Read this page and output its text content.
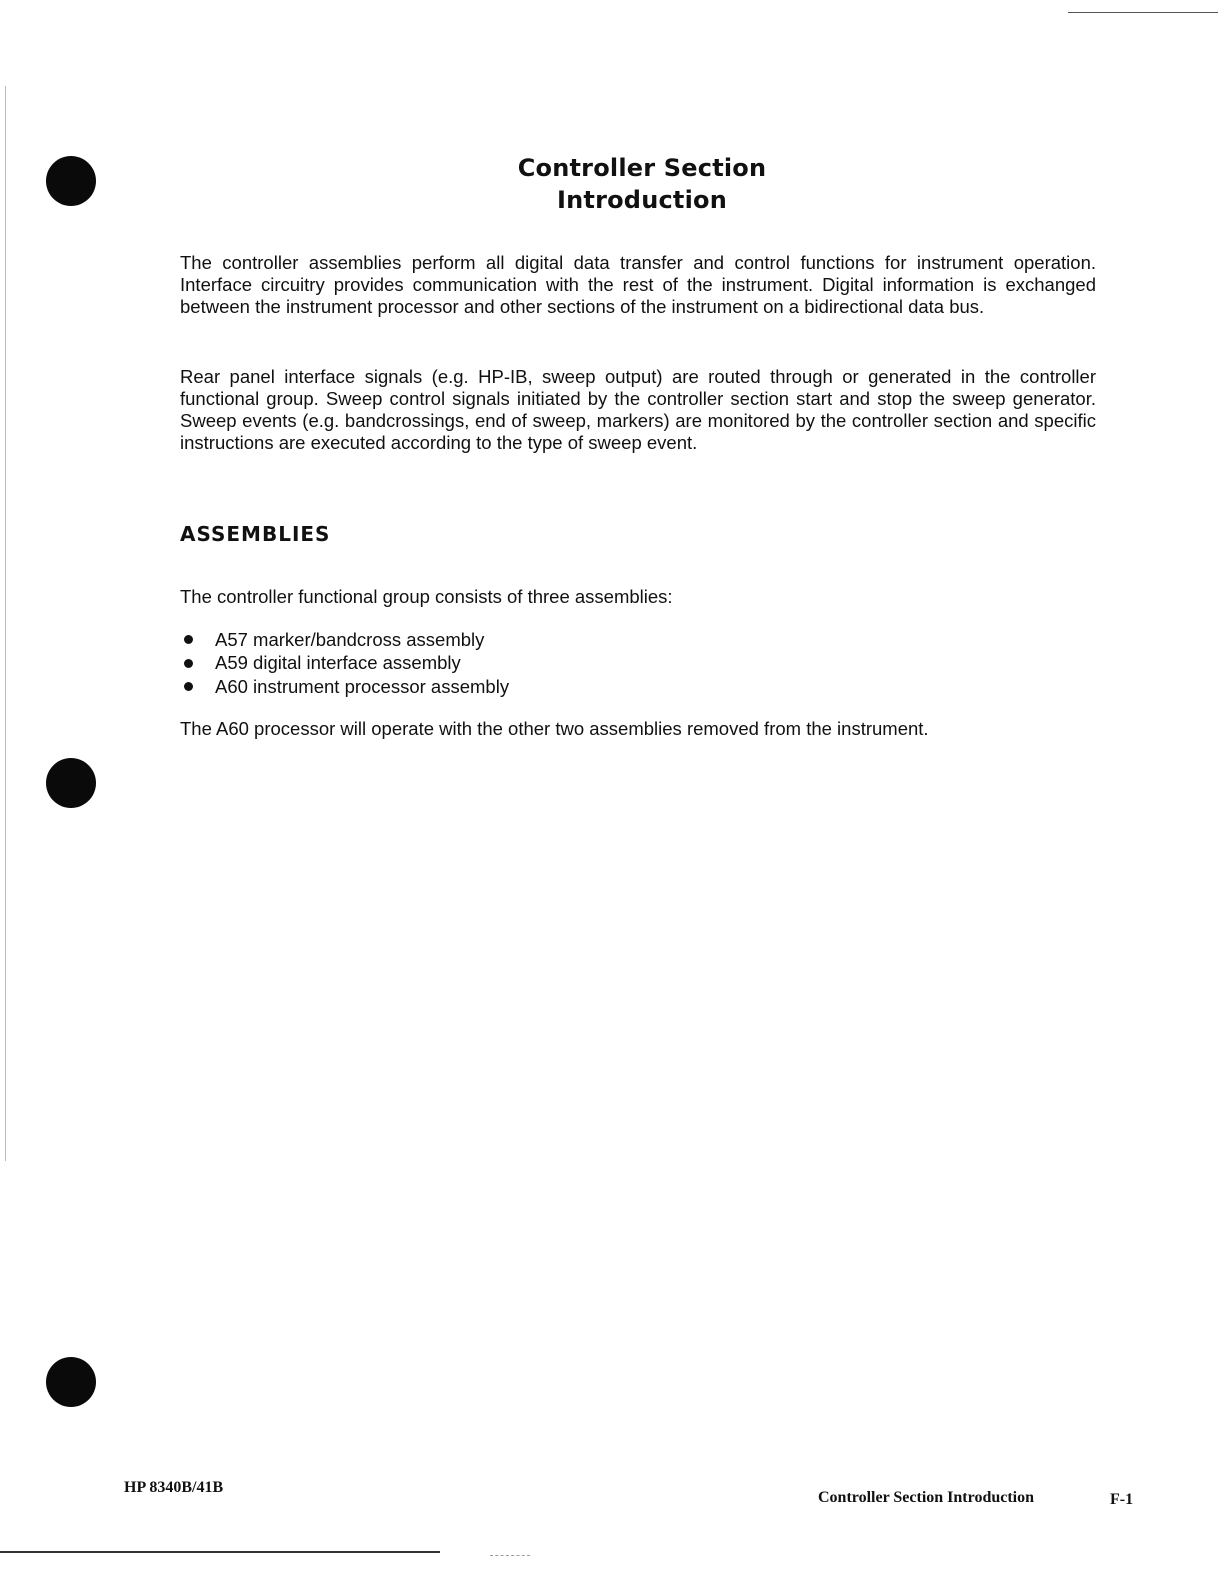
Controller Section
Introduction

The controller assemblies perform all digital data transfer and control functions for instrument operation. Interface circuitry provides communication with the rest of the instrument. Digital information is exchanged between the instrument processor and other sections of the instrument on a bidirectional data bus.

Rear panel interface signals (e.g. HP-IB, sweep output) are routed through or generated in the controller functional group. Sweep control signals initiated by the controller section start and stop the sweep generator. Sweep events (e.g. bandcrossings, end of sweep, markers) are monitored by the controller section and specific instructions are executed according to the type of sweep event.

ASSEMBLIES

The controller functional group consists of three assemblies:

A57 marker/bandcross assembly
A59 digital interface assembly
A60 instrument processor assembly

The A60 processor will operate with the other two assemblies removed from the instrument.

HP 8340B/41B
Controller Section Introduction	F-1
